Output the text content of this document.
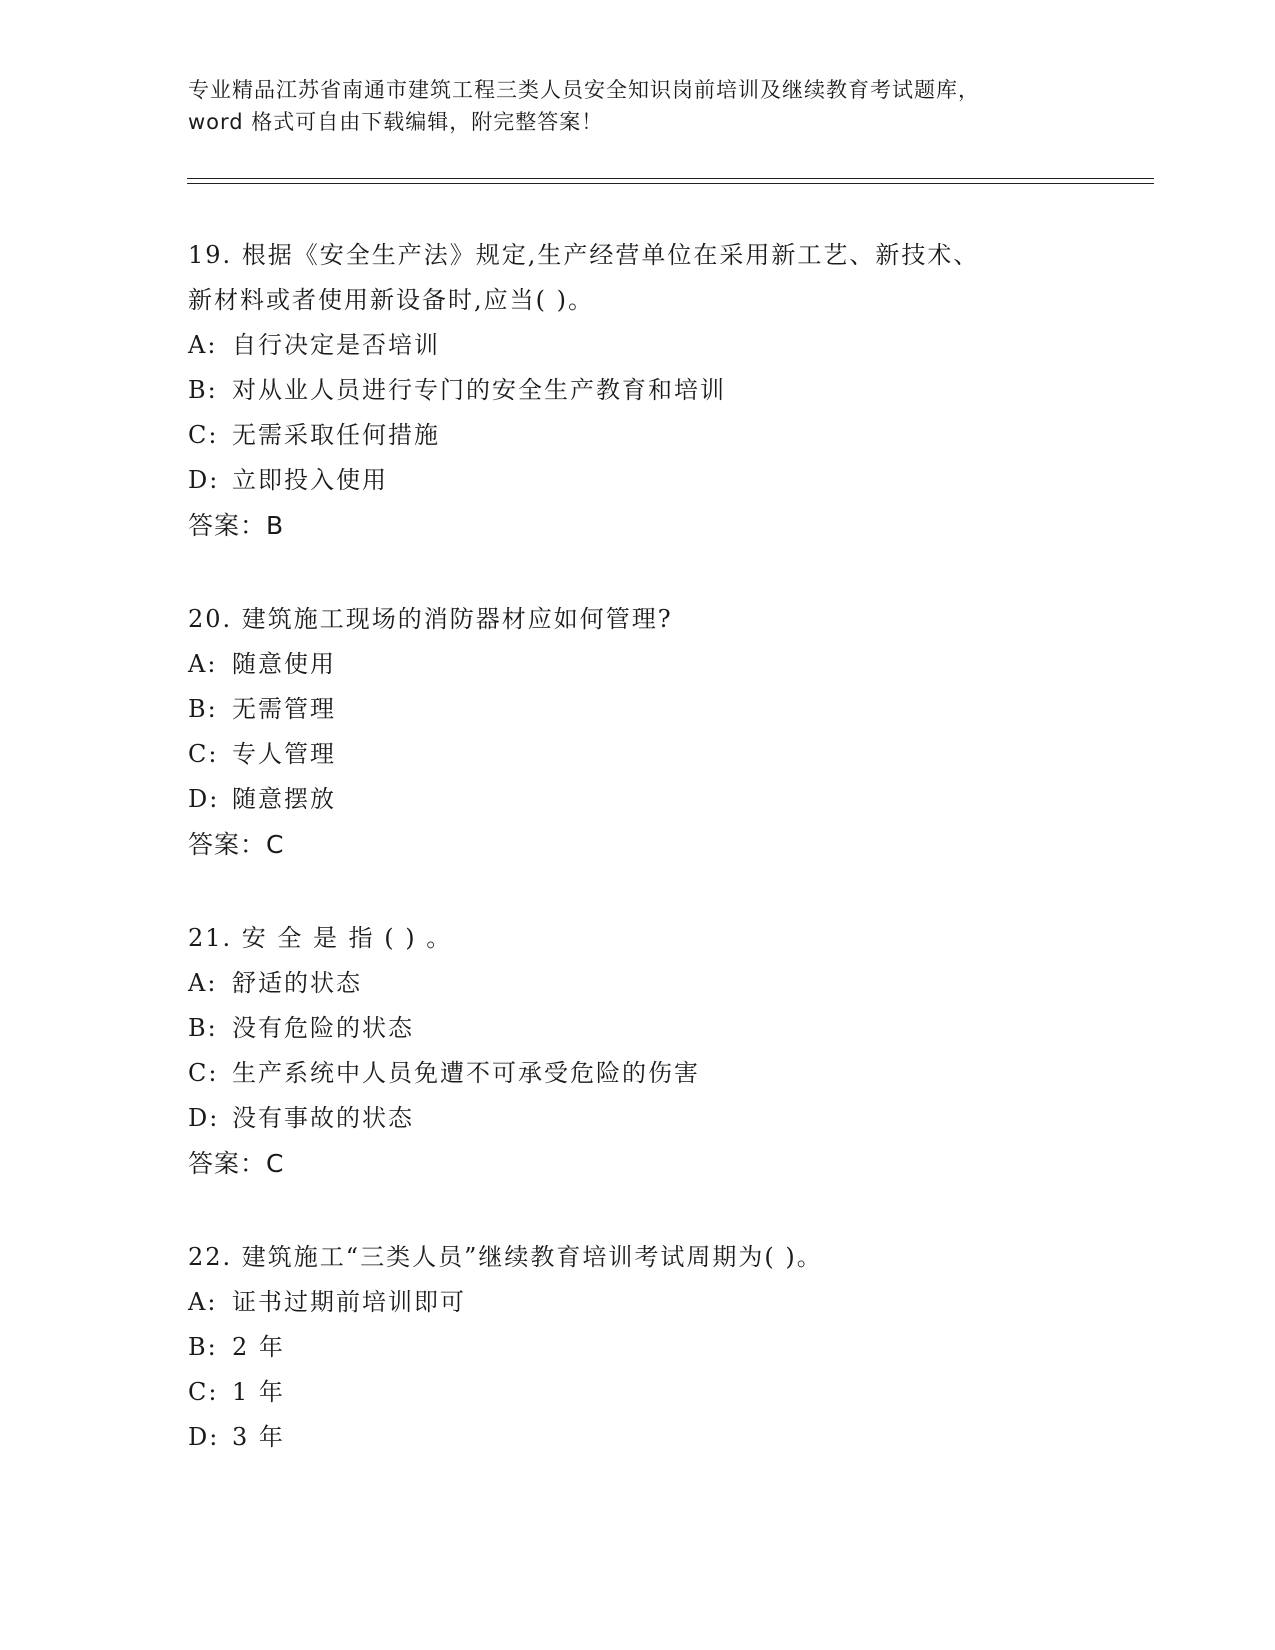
专业精品江苏省南通市建筑工程三类人员安全知识岗前培训及继续教育考试题库，
word 格式可自由下载编辑，附完整答案！

19. 根据《安全生产法》规定,生产经营单位在采用新工艺、新技术、

新材料或者使用新设备时,应当( )。

A: 自行决定是否培训

B: 对从业人员进行专门的安全生产教育和培训

C: 无需采取任何措施

D: 立即投入使用

答案：B

20. 建筑施工现场的消防器材应如何管理?

A: 随意使用

B: 无需管理

C: 专人管理

D: 随意摆放

答案：C

21. 安 全 是 指 ( ) 。

A: 舒适的状态

B: 没有危险的状态

C: 生产系统中人员免遭不可承受危险的伤害

D: 没有事故的状态

答案：C

22. 建筑施工“三类人员”继续教育培训考试周期为( )。

A: 证书过期前培训即可

B: 2 年

C: 1 年

D: 3 年
